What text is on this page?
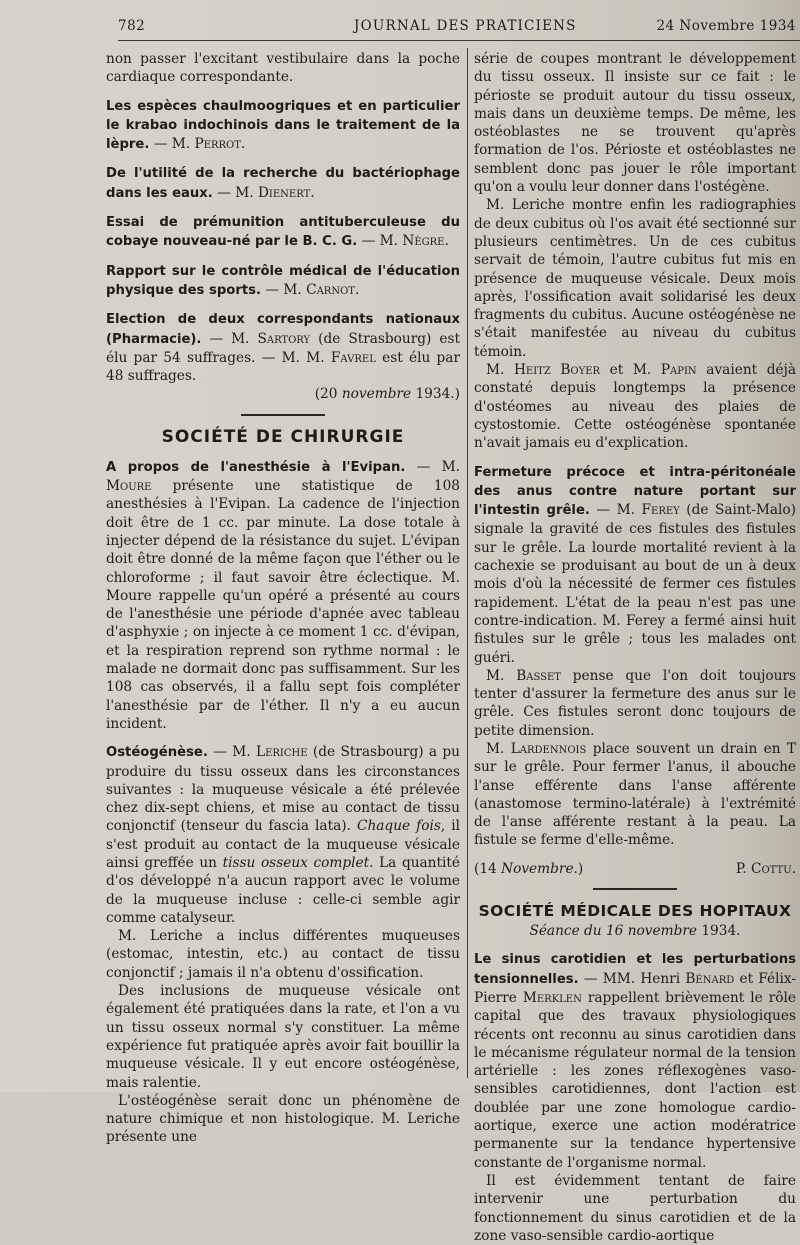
782	JOURNAL DES PRATICIENS	24 Novembre 1934

non passer l'excitant vestibulaire dans la poche cardiaque correspondante.

Les espèces chaulmoogriques et en particulier le krabao indochinois dans le traitement de la lèpre. — M. Perrot.

De l'utilité de la recherche du bactériophage dans les eaux. — M. Dienert.

Essai de prémunition antituberculeuse du cobaye nouveau-né par le B. C. G. — M. Nègre.

Rapport sur le contrôle médical de l'éducation physique des sports. — M. Carnot.

Election de deux correspondants nationaux (Pharmacie). — M. Sartory (de Strasbourg) est élu par 54 suffrages. — M. M. Favrel est élu par 48 suffrages.

(20 novembre 1934.)

SOCIÉTÉ DE CHIRURGIE

A propos de l'anesthésie à l'Evipan. — M. Moure présente une statistique de 108 anesthésies à l'Evipan. La cadence de l'injection doit être de 1 cc. par minute. La dose totale à injecter dépend de la résistance du sujet. L'évipan doit être donné de la même façon que l'éther ou le chloroforme ; il faut savoir être éclectique. M. Moure rappelle qu'un opéré a présenté au cours de l'anesthésie une période d'apnée avec tableau d'asphyxie ; on injecte à ce moment 1 cc. d'évipan, et la respiration reprend son rythme normal : le malade ne dormait donc pas suffisamment. Sur les 108 cas observés, il a fallu sept fois compléter l'anesthésie par de l'éther. Il n'y a eu aucun incident.

Ostéogénèse. — M. Leriche (de Strasbourg) a pu produire du tissu osseux dans les circonstances suivantes : la muqueuse vésicale a été prélevée chez dix-sept chiens, et mise au contact de tissu conjonctif (tenseur du fascia lata). Chaque fois, il s'est produit au contact de la muqueuse vésicale ainsi greffée un tissu osseux complet. La quantité d'os développé n'a aucun rapport avec le volume de la muqueuse incluse : celle-ci semble agir comme catalyseur.

M. Leriche a inclus différentes muqueuses (estomac, intestin, etc.) au contact de tissu conjonctif ; jamais il n'a obtenu d'ossification.

Des inclusions de muqueuse vésicale ont également été pratiquées dans la rate, et l'on a vu un tissu osseux normal s'y constituer. La même expérience fut pratiquée après avoir fait bouillir la muqueuse vésicale. Il y eut encore ostéogénèse, mais ralentie.

L'ostéogénèse serait donc un phénomène de nature chimique et non histologique. M. Leriche présente une

série de coupes montrant le développement du tissu osseux. Il insiste sur ce fait : le périoste se produit autour du tissu osseux, mais dans un deuxième temps. De même, les ostéoblastes ne se trouvent qu'après formation de l'os. Périoste et ostéoblastes ne semblent donc pas jouer le rôle important qu'on a voulu leur donner dans l'ostégène.

M. Leriche montre enfin les radiographies de deux cubitus où l'os avait été sectionné sur plusieurs centimètres. Un de ces cubitus servait de témoin, l'autre cubitus fut mis en présence de muqueuse vésicale. Deux mois après, l'ossification avait solidarisé les deux fragments du cubitus. Aucune ostéogénèse ne s'était manifestée au niveau du cubitus témoin.

M. Heitz Boyer et M. Papin avaient déjà constaté depuis longtemps la présence d'ostéomes au niveau des plaies de cystostomie. Cette ostéogénèse spontanée n'avait jamais eu d'explication.

Fermeture précoce et intra-péritonéale des anus contre nature portant sur l'intestin grêle. — M. Ferey (de Saint-Malo) signale la gravité de ces fistules des fistules sur le grêle. La lourde mortalité revient à la cachexie se produisant au bout de un à deux mois d'où la nécessité de fermer ces fistules rapidement. L'état de la peau n'est pas une contre-indication. M. Ferey a fermé ainsi huit fistules sur le grêle ; tous les malades ont guéri.

M. Basset pense que l'on doit toujours tenter d'assurer la fermeture des anus sur le grêle. Ces fistules seront donc toujours de petite dimension.

M. Lardennois place souvent un drain en T sur le grêle. Pour fermer l'anus, il abouche l'anse efférente dans l'anse afférente (anastomose termino-latérale) à l'extrémité de l'anse afférente restant à la peau. La fistule se ferme d'elle-même.

(14 Novembre.)	P. Cottu.

SOCIÉTÉ MÉDICALE DES HOPITAUX

Séance du 16 novembre 1934.

Le sinus carotidien et les perturbations tensionnelles. — MM. Henri Bénard et Félix-Pierre Merklen rappellent brièvement le rôle capital que des travaux physiologiques récents ont reconnu au sinus carotidien dans le mécanisme régulateur normal de la tension artérielle : les zones réflexogènes vaso-sensibles carotidiennes, dont l'action est doublée par une zone homologue cardio-aortique, exerce une action modératrice permanente sur la tendance hypertensive constante de l'organisme normal.

Il est évidemment tentant de faire intervenir une perturbation du fonctionnement du sinus carotidien et de la zone vaso-sensible cardio-aortique
